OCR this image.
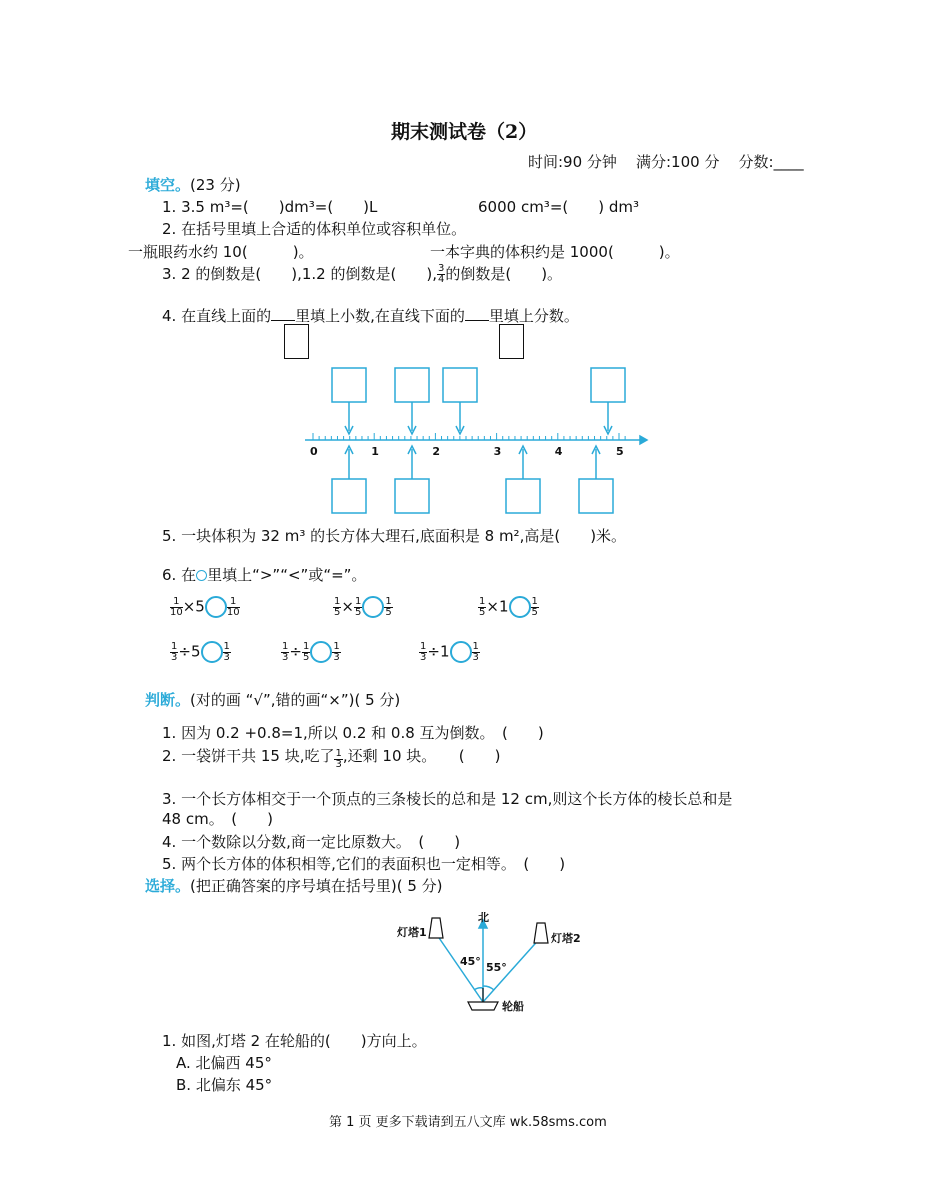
期末测试卷（2）
时间:90 分钟 满分:100 分 分数:____
填空。(23 分)
1. 3.5 m³=(　　)dm³=(　　)L	6000 cm³=(　　) dm³
2. 在括号里填上合适的体积单位或容积单位。
一瓶眼药水约 10(　　　)。	一本字典的体积约是 1000(　　　)。
3. 2 的倒数是(　　),1.2 的倒数是(　　), $\frac{3}{4}$ 的倒数是(　　)。
4. 在直线上面的 里填上小数,在直线下面的 里填上分数。
0	1	2	3	4	5
5. 一块体积为 32 m³ 的长方体大理石,底面积是 8 m²,高是(　　)米。
6. 在 里填上“>”“<”或“=”。
$\frac{1}{10} \times 5 \frac{1}{10}$	$\frac{1}{5} \times \frac{1}{5} \frac{1}{5}$	$\frac{1}{5} \times 1 \frac{1}{5}$
$\frac{1}{3} \div 5 \frac{1}{3}$	$\frac{1}{3} \div \frac{1}{5} \frac{1}{3}$	$\frac{1}{3} \div 1 \frac{1}{3}$
判断。(对的画 “√”,错的画“×”)( 5 分)
1. 因为 0.2 +0.8=1,所以 0.2 和 0.8 互为倒数。　(　　)
2. 一袋饼干共 15 块,吃了 $\frac{1}{3}$ ,还剩 10 块。　　(　　)
3. 一个长方体相交于一个顶点的三条棱长的总和是 12 cm,则这个长方体的棱长总和是
48 cm。　(　　)
4. 一个数除以分数,商一定比原数大。　(　　)
5. 两个长方体的体积相等,它们的表面积也一定相等。　(　　)
选择。(把正确答案的序号填在括号里)( 5 分)
北
灯塔1	灯塔2
45° 55°
轮船
1. 如图,灯塔 2 在轮船的(　　)方向上。
A. 北偏西 45°
B. 北偏东 45°
第 1 页 更多下载请到五八文库 wk.58sms.com
